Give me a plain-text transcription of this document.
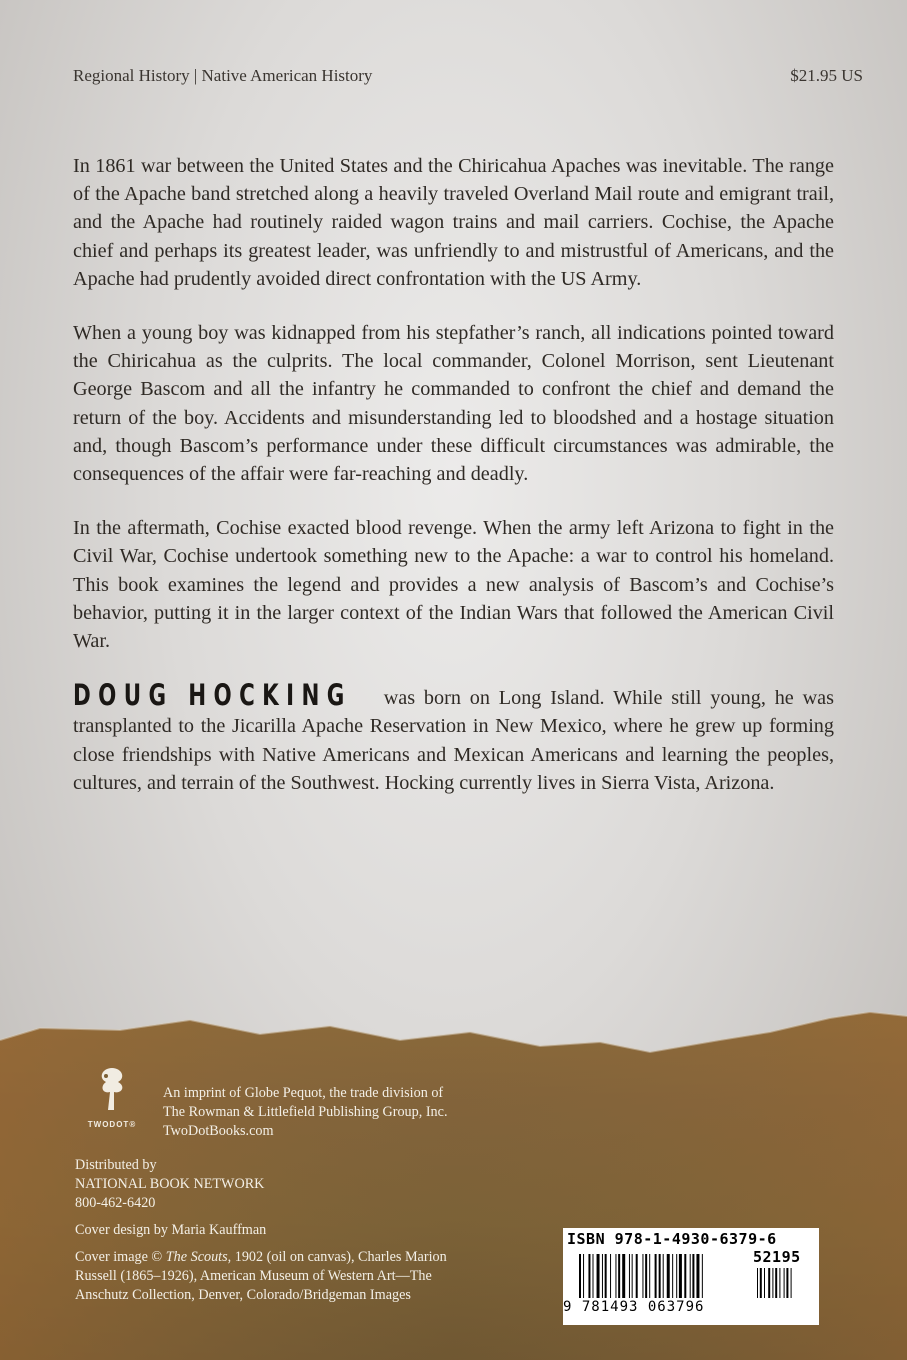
Regional History | Native American History	$21.95 US

In 1861 war between the United States and the Chiricahua Apaches was inevitable. The range of the Apache band stretched along a heavily traveled Overland Mail route and emigrant trail, and the Apache had routinely raided wagon trains and mail carriers. Cochise, the Apache chief and perhaps its greatest leader, was unfriendly to and mistrustful of Americans, and the Apache had prudently avoided direct confrontation with the US Army.

When a young boy was kidnapped from his stepfather’s ranch, all indications pointed toward the Chiricahua as the culprits. The local commander, Colonel Morrison, sent Lieutenant George Bascom and all the infantry he commanded to confront the chief and demand the return of the boy. Accidents and misunderstanding led to bloodshed and a hostage situation and, though Bascom’s performance under these difficult circumstances was admirable, the consequences of the affair were far-reaching and deadly.

In the aftermath, Cochise exacted blood revenge. When the army left Arizona to fight in the Civil War, Cochise undertook something new to the Apache: a war to control his homeland. This book examines the legend and provides a new analysis of Bascom’s and Cochise’s behavior, putting it in the larger context of the Indian Wars that followed the American Civil War.

DOUG HOCKING was born on Long Island. While still young, he was transplanted to the Jicarilla Apache Reservation in New Mexico, where he grew up forming close friendships with Native Americans and Mexican Americans and learning the peoples, cultures, and terrain of the Southwest. Hocking currently lives in Sierra Vista, Arizona.

TWODOT®
An imprint of Globe Pequot, the trade division of
The Rowman & Littlefield Publishing Group, Inc.
TwoDotBooks.com
Distributed by
NATIONAL BOOK NETWORK
800-462-6420
Cover design by Maria Kauffman
Cover image © The Scouts, 1902 (oil on canvas), Charles Marion
Russell (1865–1926), American Museum of Western Art—The
Anschutz Collection, Denver, Colorado/Bridgeman Images
ISBN 978-1-4930-6379-6
52195
9 781493 063796
